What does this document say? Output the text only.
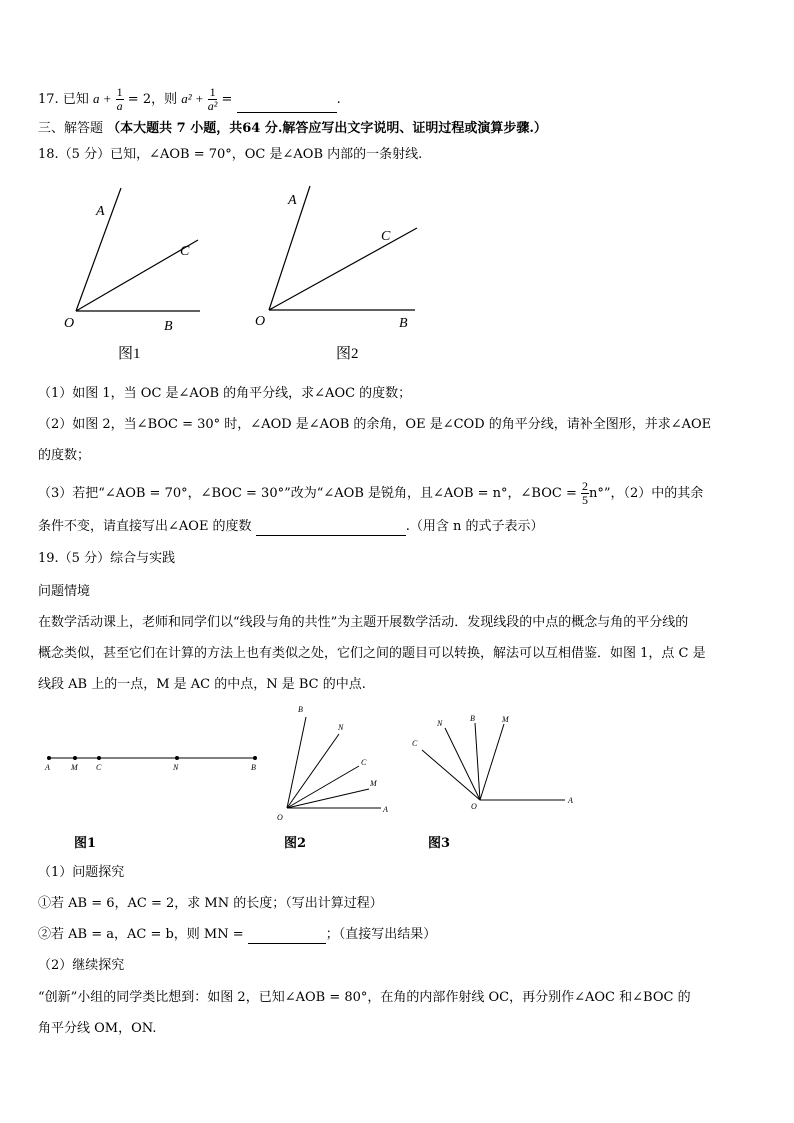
17. 已知 $a + \frac{1}{a} = 2$，则 $a^2 + \frac{1}{\text{a²}}$ =	.
三、解答题 （本大题共 7 小题，共64 分.解答应写出文字说明、证明过程或演算步骤.）
18.（5 分）已知，∠AOB = 70°，OC 是∠AOB 内部的一条射线.
A
C
O	B
图1
A
C
O	B
图2
（1）如图 1，当 OC 是∠AOB 的角平分线，求∠AOC 的度数；
（2）如图 2，当∠BOC = 30° 时，∠AOD 是∠AOB 的余角，OE 是∠COD 的角平分线，请补全图形，并求∠AOE
的度数；
（3）若把“∠AOB = 70°，∠BOC = 30°”改为“∠AOB 是锐角，且∠AOB = n°，∠BOC = $\frac{2}{5} n^\circ$”，（2）中的其余
条件不变，请直接写出∠AOE 的度数	.（用含 n 的式子表示）
19.（5 分）综合与实践
问题情境
在数学活动课上，老师和同学们以“线段与角的共性”为主题开展数学活动．发现线段的中点的概念与角的平分线的
概念类似，甚至它们在计算的方法上也有类似之处，它们之间的题目可以转换，解法可以互相借鉴．如图 1，点 C 是
线段 AB 上的一点，M 是 AC 的中点，N 是 BC 的中点.
A	M C	N	B
图1
B
N
C
M
A
O
图2
N
B	M
C
O
A
图3
（1）问题探究
①若 AB = 6，AC = 2，求 MN 的长度；（写出计算过程）
②若 AB = a，AC = b，则 MN =	；（直接写出结果）
（2）继续探究
“创新”小组的同学类比想到：如图 2，已知∠AOB = 80°，在角的内部作射线 OC，再分别作∠AOC 和∠BOC 的
角平分线 OM，ON.
